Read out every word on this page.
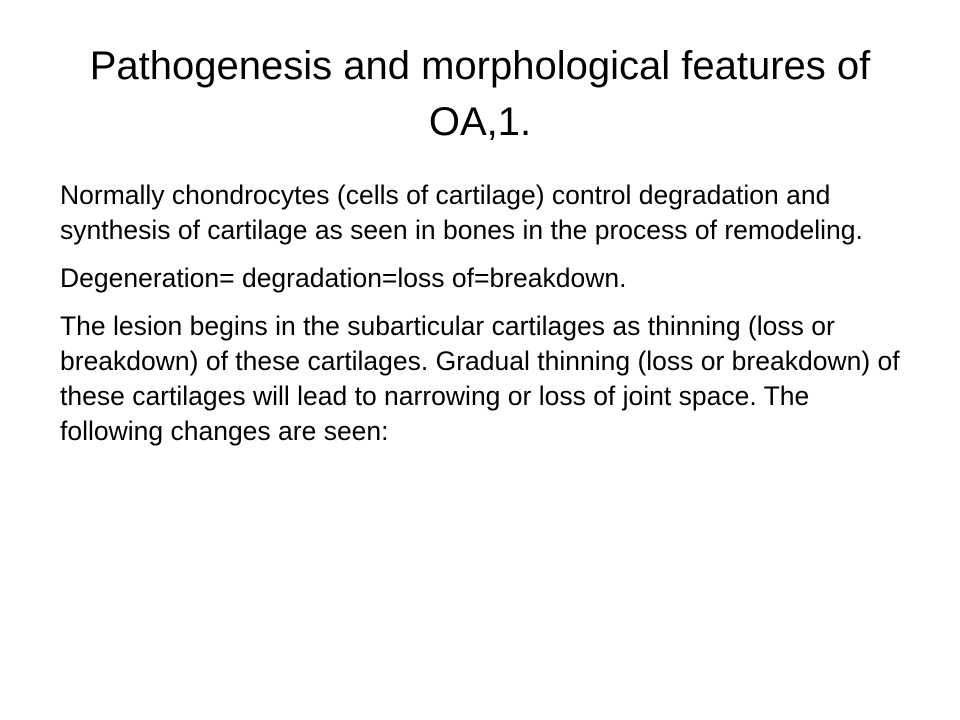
Pathogenesis and morphological features of OA,1.
Normally chondrocytes (cells of cartilage) control degradation and synthesis of cartilage as seen in bones in the process of remodeling.
Degeneration= degradation=loss of=breakdown.
The lesion begins in the subarticular cartilages as thinning (loss or breakdown) of these cartilages. Gradual thinning (loss or breakdown) of these cartilages will lead to narrowing or loss of joint space. The following changes are seen:
